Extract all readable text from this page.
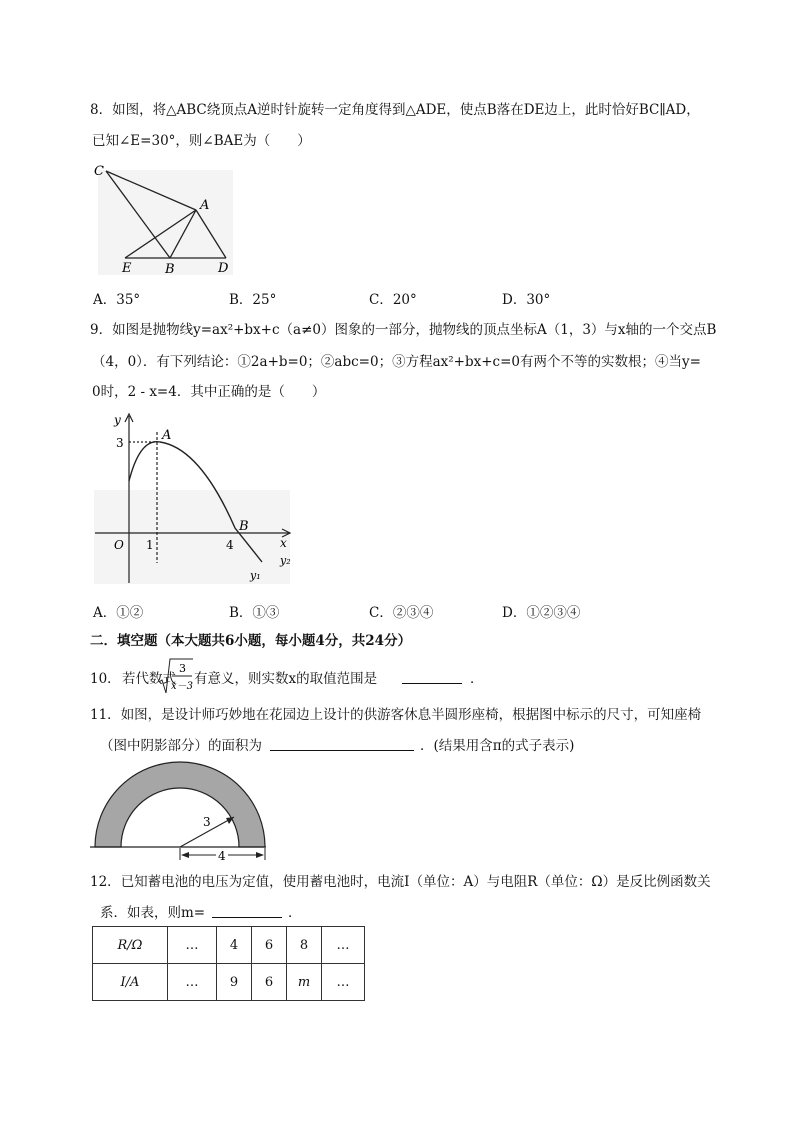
8．如图，将△ABC绕顶点A逆时针旋转一定角度得到△ADE，使点B落在DE边上，此时恰好BC∥AD，
已知∠E=30°，则∠BAE为（　　）
C
A
E	B	D
A．35°	B．25°	C．20°	D．30°
9．如图是抛物线y=ax²+bx+c（a≠0）图象的一部分，抛物线的顶点坐标A（1，3）与x轴的一个交点B
（4，0）．有下列结论：①2a+b=0；②abc=0；③方程ax²+bx+c=0有两个不等的实数根；④当y=
0时，2 - x=4．其中正确的是（　　）
y
3	A
B
O 1	4	x
y₂
y₁
A．①②	B．①③	C．②③④	D．①②③④
二．填空题（本大题共6小题，每小题4分，共24分）
10． 若代数式
3
x－3 有意义，则实数x的取值范围是	．
11．如图，是设计师巧妙地在花园边上设计的供游客休息半圆形座椅，根据图中标示的尺寸，可知座椅
（图中阴影部分）的面积为	．(结果用含π的式子表示)
3
4
12．已知蓄电池的电压为定值，使用蓄电池时，电流I（单位：A）与电阻R（单位：Ω）是反比例函数关
系．如表，则m=	．
R/Ω	…	4	6	8	…
I/A	…	9	6	m	…
